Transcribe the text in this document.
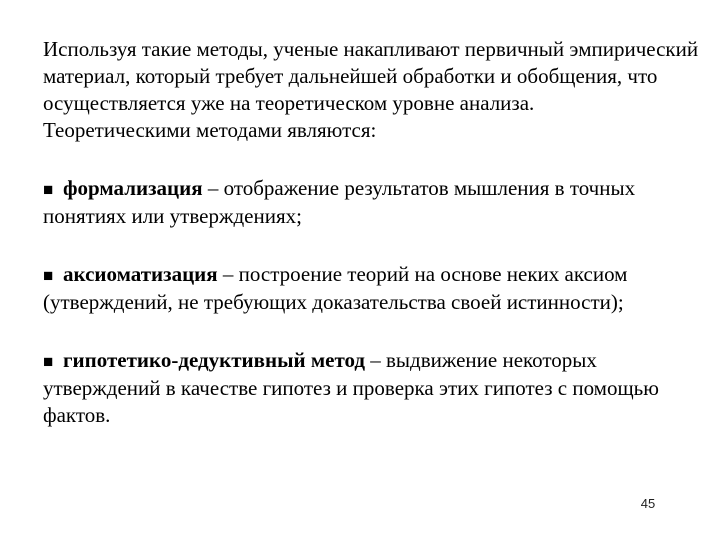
Используя такие методы, ученые накапливают первичный эмпирический материал, который требует дальнейшей обработки и обобщения, что осуществляется уже на теоретическом уровне анализа.

Теоретическими методами являются:

■ формализация – отображение результатов мышления в точных понятиях или утверждениях;

■ аксиоматизация – построение теорий на основе неких аксиом (утверждений, не требующих доказательства своей истинности);

■ гипотетико-дедуктивный метод – выдвижение некоторых утверждений в качестве гипотез и проверка этих гипотез с помощью фактов.

45
